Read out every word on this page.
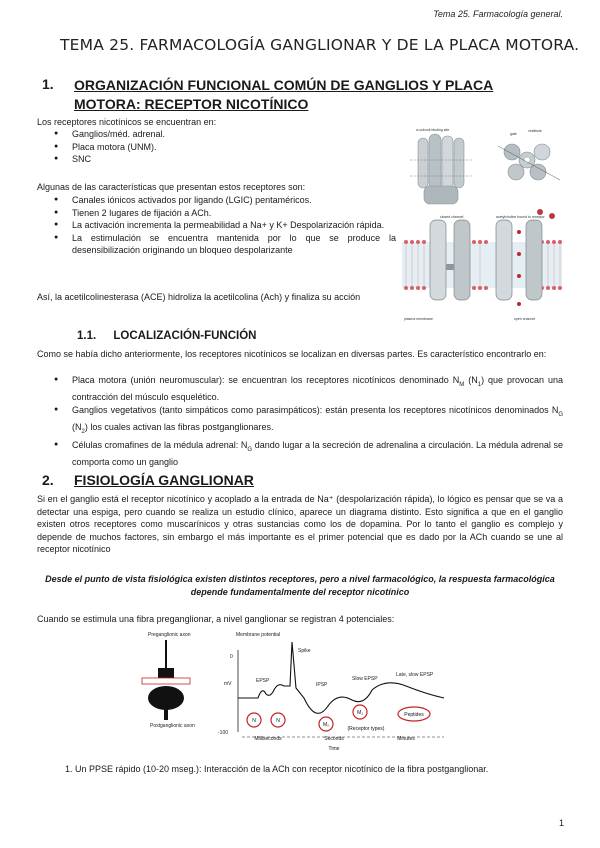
Tema 25. Farmacología general.
TEMA 25. FARMACOLOGÍA GANGLIONAR Y DE LA PLACA MOTORA.
1. ORGANIZACIÓN FUNCIONAL COMÚN DE GANGLIOS Y PLACA MOTORA: RECEPTOR NICOTÍNICO
Los receptores nicotínicos se encuentran en:
● Ganglios/méd. adrenal.
● Placa motora (UNM).
● SNC
Algunas de las características que presentan estos receptores son:
● Canales iónicos activados por ligando (LGIC) pentaméricos.
● Tienen 2 lugares de fijación a ACh.
● La activación incrementa la permeabilidad a Na+ y K+ Despolarización rápida.
● La estimulación se encuentra mantenida por lo que se produce la desensibilización originando un bloqueo despolarizante
Así, la acetilcolinesterasa (ACE) hidroliza la acetilcolina (Ach) y finaliza su acción
α-subunit binding site
gate
vestibule
closed channel	acetylcholine bound to receptor
open channel
plasma membrane
1.1. LOCALIZACIÓN-FUNCIÓN
Como se había dicho anteriormente, los receptores nicotínicos se localizan en diversas partes. Es característico encontrarlo en:
● Placa motora (unión neuromuscular): se encuentran los receptores nicotínicos denominado $N_M$ $(N_1)$ que provocan una contracción del músculo esquelético.
● Ganglios vegetativos (tanto simpáticos como parasimpáticos): están presenta los receptores nicotínicos denominados $N_G$ $(N_2)$ los cuales activan las fibras postganglionares.
● Células cromafines de la médula adrenal: $N_G$ dando lugar a la secreción de adrenalina a circulación. La médula adrenal se comporta como un ganglio
2. FISIOLOGÍA GANGLIONAR
Si en el ganglio está el receptor nicotínico y acoplado a la entrada de Na⁺ (despolarización rápida), lo lógico es pensar que se va a detectar una espiga, pero cuando se realiza un estudio clínico, aparece un diagrama distinto. Esto significa a que en el ganglio existen otros receptores como muscarínicos y otras sustancias como los de dopamina. Por lo tanto el ganglio es complejo y depende de muchos factores, sin embargo el más importante es el primer potencial que es dado por la ACh cuando se une al receptor nicotínico
Desde el punto de vista fisiológica existen distintos receptores, pero a nivel farmacológico, la respuesta farmacológica depende fundamentalmente del receptor nicotínico
Cuando se estimula una fibra preganglionar, a nivel ganglionar se registran 4 potenciales:
Preganglionic axon
Postganglionic axon
Membrane potential
0
mV
-100
EPSP
Spike
IPSP
Slow EPSP
Late, slow EPSP
N	N
M₂
M₁	Peptides
(Receptor types)
Milliseconds	Seconds	Minutes
Time
1. Un PPSE rápido (10-20 mseg.): Interacción de la ACh con receptor nicotínico de la fibra postganglionar.
1
